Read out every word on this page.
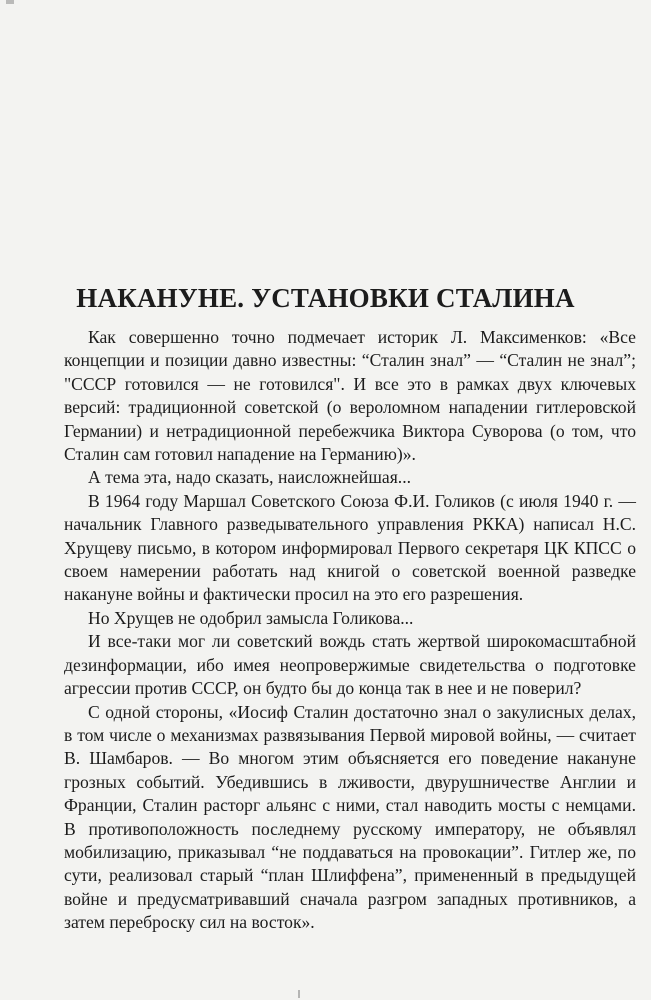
НАКАНУНЕ. УСТАНОВКИ СТАЛИНА

Как совершенно точно подмечает историк Л. Максименков: «Все концепции и позиции давно известны: “Сталин знал” — “Сталин не знал”; "СССР готовился — не готовился". И все это в рамках двух ключевых версий: традиционной советской (о вероломном нападении гитлеровской Германии) и нетрадиционной перебежчика Виктора Суворова (о том, что Сталин сам готовил нападение на Германию)».

А тема эта, надо сказать, наисложнейшая...

В 1964 году Маршал Советского Союза Ф.И. Голиков (с июля 1940 г. — начальник Главного разведывательного управления РККА) написал Н.С. Хрущеву письмо, в котором информировал Первого секретаря ЦК КПСС о своем намерении работать над книгой о советской военной разведке накануне войны и фактически просил на это его разрешения.

Но Хрущев не одобрил замысла Голикова...

И все-таки мог ли советский вождь стать жертвой широкомасштабной дезинформации, ибо имея неопровержимые свидетельства о подготовке агрессии против СССР, он будто бы до конца так в нее и не поверил?

С одной стороны, «Иосиф Сталин достаточно знал о закулисных делах, в том числе о механизмах развязывания Первой мировой войны, — считает В. Шамбаров. — Во многом этим объясняется его поведение накануне грозных событий. Убедившись в лживости, двурушничестве Англии и Франции, Сталин расторг альянс с ними, стал наводить мосты с немцами. В противоположность последнему русскому императору, не объявлял мобилизацию, приказывал “не поддаваться на провокации”. Гитлер же, по сути, реализовал старый “план Шлиффена”, примененный в предыдущей войне и предусматривавший сначала разгром западных противников, а затем переброску сил на восток».
